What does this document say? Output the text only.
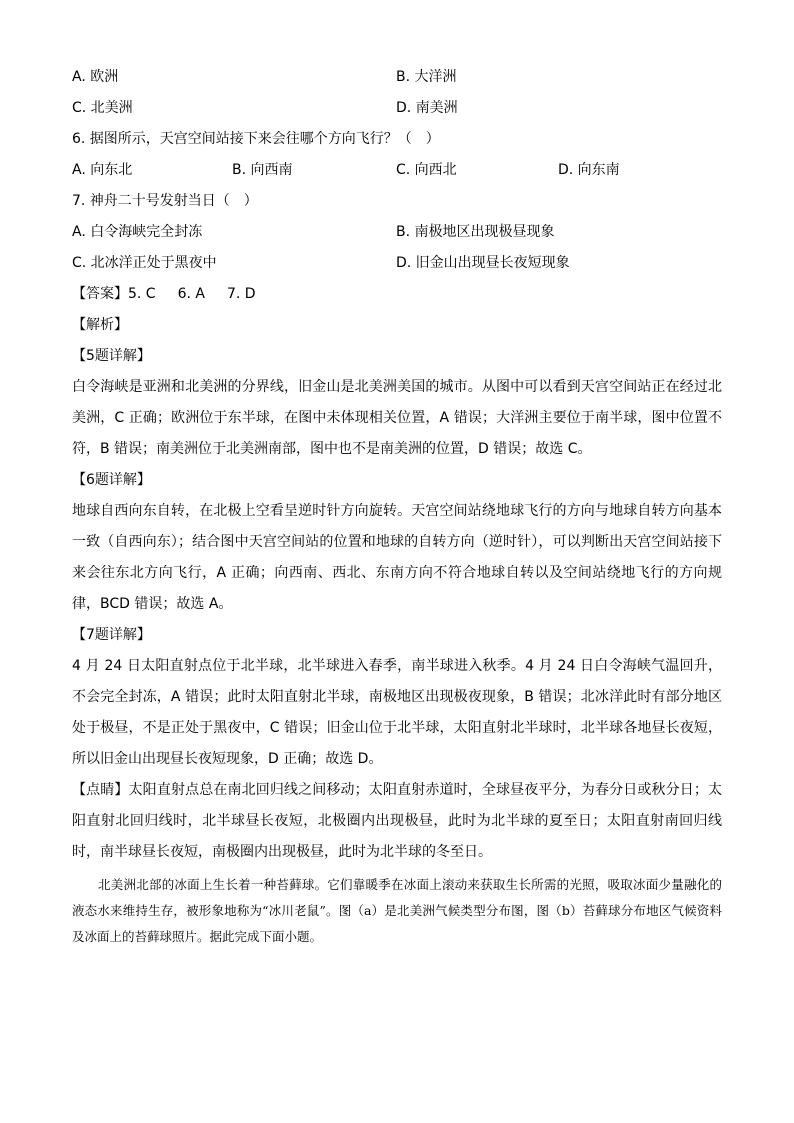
A. 欧洲	B. 大洋洲
C. 北美洲	D. 南美洲
6. 据图所示，天宫空间站接下来会往哪个方向飞行？（　）
A. 向东北	B. 向西南	C. 向西北	D. 向东南
7. 神舟二十号发射当日（　）
A. 白令海峡完全封冻	B. 南极地区出现极昼现象
C. 北冰洋正处于黑夜中	D. 旧金山出现昼长夜短现象
【答案】5. C 6. A 7. D
【解析】
【5题详解】
白令海峡是亚洲和北美洲的分界线，旧金山是北美洲美国的城市。从图中可以看到天宫空间站正在经过北美洲，C 正确；欧洲位于东半球，在图中未体现相关位置，A 错误；大洋洲主要位于南半球，图中位置不符，B 错误；南美洲位于北美洲南部，图中也不是南美洲的位置，D 错误；故选 C。
【6题详解】
地球自西向东自转，在北极上空看呈逆时针方向旋转。天宫空间站绕地球飞行的方向与地球自转方向基本一致（自西向东）；结合图中天宫空间站的位置和地球的自转方向（逆时针），可以判断出天宫空间站接下来会往东北方向飞行，A 正确；向西南、西北、东南方向不符合地球自转以及空间站绕地飞行的方向规律，BCD 错误；故选 A。
【7题详解】
4 月 24 日太阳直射点位于北半球，北半球进入春季，南半球进入秋季。4 月 24 日白令海峡气温回升，不会完全封冻，A 错误；此时太阳直射北半球，南极地区出现极夜现象，B 错误；北冰洋此时有部分地区处于极昼，不是正处于黑夜中，C 错误；旧金山位于北半球，太阳直射北半球时，北半球各地昼长夜短，所以旧金山出现昼长夜短现象，D 正确；故选 D。
【点睛】太阳直射点总在南北回归线之间移动；太阳直射赤道时，全球昼夜平分，为春分日或秋分日；太阳直射北回归线时，北半球昼长夜短，北极圈内出现极昼，此时为北半球的夏至日；太阳直射南回归线时，南半球昼长夜短，南极圈内出现极昼，此时为北半球的冬至日。
北美洲北部的冰面上生长着一种苔藓球。它们靠暖季在冰面上滚动来获取生长所需的光照，吸取冰面少量融化的液态水来维持生存，被形象地称为“冰川老鼠”。图（a）是北美洲气候类型分布图，图（b）苔藓球分布地区气候资料及冰面上的苔藓球照片。据此完成下面小题。
